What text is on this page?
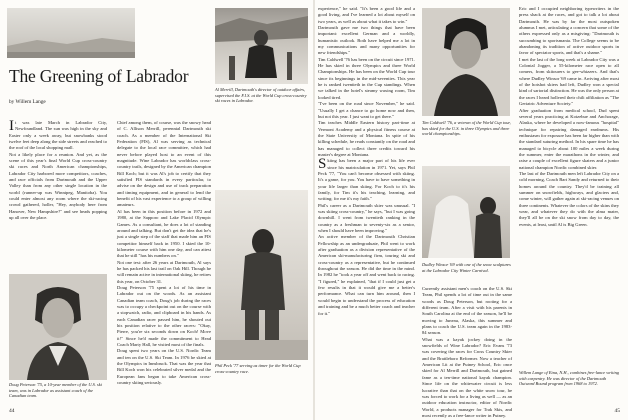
The Greening of Labrador
by Willem Lange
Al Merrill, Dartmouth's director of outdoor affairs, supervised the F.I.S. at the World Cup cross-country ski races in Labrador.

It was late March in Labrador City, Newfoundland. The sun was high in the sky and Easter only a week away, but snowbanks stood twelve feet deep along the side streets and reached to the roof of the local shopping mall.

Not a likely place for a reunion. And yet, as the scene of this year's final World Cup cross-country ski races and North American championships, Labrador City harbored more competitors, coaches, and race officials from Dartmouth and the Upper Valley than from any other single location in the world (runner-up was Winnipeg, Manitoba). You could enter almost any room where the ski-racing crowd gathered, holler, "Hey, anybody here from Hanover, New Hampshire?" and see heads popping up all over the place.

Chief among them, of course, was the snowy head of C. Allison Merrill, perennial Dartmouth ski coach. As a member of the International Ski Federation (FIS), Al was serving as technical delegate to the local race committee, which had never before played host to an event of this magnitude. Wine Labrador has worldclass cross-country trails, designed by the American champion Bill Koch; but it was Al's job to certify that they satisfied FIS standards in every particular, to advise on the design and use of track preparation and timing equipment, and in general to lend the benefit of his vast experience to a group of willing amateurs.

Al has been in this position before in 1972 and 1980, at the Sapporo and Lake Placid Olympic Games. As a consultant, he does a lot of standing around and talking. But don't get the idea that he's just a single step of the staff that made him an FIS competitor himself back in 1950. I skied the 10-kilometer course with him one day, and can attest that he still "has his numbers on."

Not one test: after 26 years at Dartmouth, Al says he has packed his last trail on Oak Hill. Though he will remain active in international skiing, he retires this year, on October 31.

Doug Peterson '75 spent a lot of his time in Labrador out on the woods. As an assistant Canadian team coach, Doug's job during the races was to occupy a checkpoint out on the course with a stopwatch, radio, and clipboard in his hands. As each Canadian racer passed him, he shouted out his position relative to the other racers: "Okay, Pierre, you're six seconds down on Koch! Move it!" Since he'd made the commitment to Head Coach Marty Hall, he visited most of the finals.

Doug spent two years on the U.S. Nordic Team and ten on the U.S. Ski Team. In 1976 he skied at the Olympics in Innsbruck. That was the year that Bill Koch won his celebrated silver medal and the European fans began to take American cross-country skiing seriously.

Doug Peterson '75, a 10-year member of the U.S. ski team, was in Labrador as assistant coach of the Canadian team.
Phil Peck '77 serving as timer for the World Cup cross-country race.
44

experience," he said. "It's been a good life and a good living, and I've learned a lot about myself on two years, as well as about what it takes to win."

Dartmouth gave me two things that have been important: excellent German and a worldly, humanistic outlook. Both have helped me a lot in my communications and many opportunities for new friendships."

Tim Caldwell '76 has been on the circuit since 1971. He has skied in three Olympics and three World Championships. He has been on the World Cup tour since its beginnings in the mid-seventies. This year he is ranked twentieth in the Cup standings. When we talked in the hotel's steamy waxing room, Tim looked tired.

"I've been on the road since November," he said. "Usually I get a chance to go home now and then, but not this year. I just want to get there."

Tim teaches Middle Eastern history part-time at Vermont Academy and a physical fitness course at the State University of Montana. In spite of his killing schedule, he reads constantly on the road and has managed to collect three credits toward his master's degree at Montana.

Skiing has been a major part of his life ever since his matriculation in 1971. Yet, says Phil Peck '77, "You can't become obsessed with skiing. It's a game, for you. You have to have something in your life larger than skiing. For Koch to it's his family, for Tim it's his teaching, learning, and writing; for me it's my faith."

Phil's career as a Dartmouth skier was unusual. "I was skiing cross-country," he says, "but I was going downhill. I went from twentieth ranking in the country as a freshman to seventy-six as a senior, when I should have been improving."

An active member of the Dartmouth Christian Fellowship as an undergraduate, Phil went to work after graduation as a division representative of the American ski-manufacturing firm, touring ski and cross-country as a representative, but he continued throughout the season. He did the time in the mind. In 1982 he "took a year off and went back to racing. "I figured," he explained, "that if I could just get a few results in that it would give me a better's performance. What can turn him around, then I would begin to understand the process of education and training and be a much better coach and teacher for it."

Tim Caldwell '76, a veteran of the World Cup tour, has skied for the U.S. in three Olympics and three world championships.
Dudley Winsor '69 with one of the snow sculptures at the Labrador City Winter Carnival.

Currently assistant men's coach on the U.S. Ski Team, Phil spends a lot of time out in the same woods as Doug Peterson, but rooting for a different team. After a visit with his parents in South Carolina at the end of the season, he'll be moving to Juneau, Alaska, this summer and plans to coach the U.S. team again in the 1983-84 season.

What was a kayak jockey doing in the snowfields of Wine Labrador? Eric Evans '73 was covering the races for Cross Country Skier and the Brattleboro Reformer. Now a teacher of American Lit at the Putney School, Eric once skied for Al Merrill and Dartmouth, but gained fame as a ten-time national kayak champion. Since life on the whitewater circuit is less lucrative than that on the white snow tour, he was forced to work for a living as well — as an outdoor education instructor, editor of Nordic World, a products manager for Trak Skis, and most recently as a free-lance writer in Putney.

Eric and I occupied neighboring typewriters in the press shack at the races, and got to talk a lot about Dartmouth. He was by far the most outspoken alumnus I met, articulating a concern that some of the others expressed only as a misgiving: "Dartmouth is succumbing to sportsmania. The College seems to be abandoning its tradition of active outdoor sports in favor of spectator sports, and that's a shame."

I met the last of the long week at Labrador City was a Colonial Jogger, a 55-kilometer race open to all comers, from skitourers to gee-whizzers. And that's where Dudley Winsor '69 came in. Arriving after most of the hotshot skiers had left, Dudley won a special kind of sartorial distinction. He was the only person at the races I heard hollered their chili affiliation as "The Geriatric Adventure Society."

After graduation from medical school, Dud spent several years practicing at Kotzebue and Anchorage, Alaska, where he developed a now-famous "hospital" technique for repairing damaged eardrums. His enthusiasm for exposure has been far higher than with the standard suturing method. In his spare time he has managed to bicycle about 100 miles a week during the summer, enter the marathons in the winter, and raise a couple of excellent figure skaters and a junior national champion Nordic combined skier.

The last of the Dartmouth men left Labrador City on a cold morning, Coach Bart Sandy and returned to their homes around the country. They'd be training all summer on snowfields, highways, and glaciers and, come winter, will gather again at ski-racing venues on three continents. Whatever the colors of the skins they wear, and whatever they do with the alma mater, they'll all be on the ski snow from day to day, the events, at least, until Al is Big Green.

Willem Lange of Etna, N.H., combines free-lance writing with carpentry. He was director of the Dartmouth Outward Bound program from 1968 to 1972.
45
